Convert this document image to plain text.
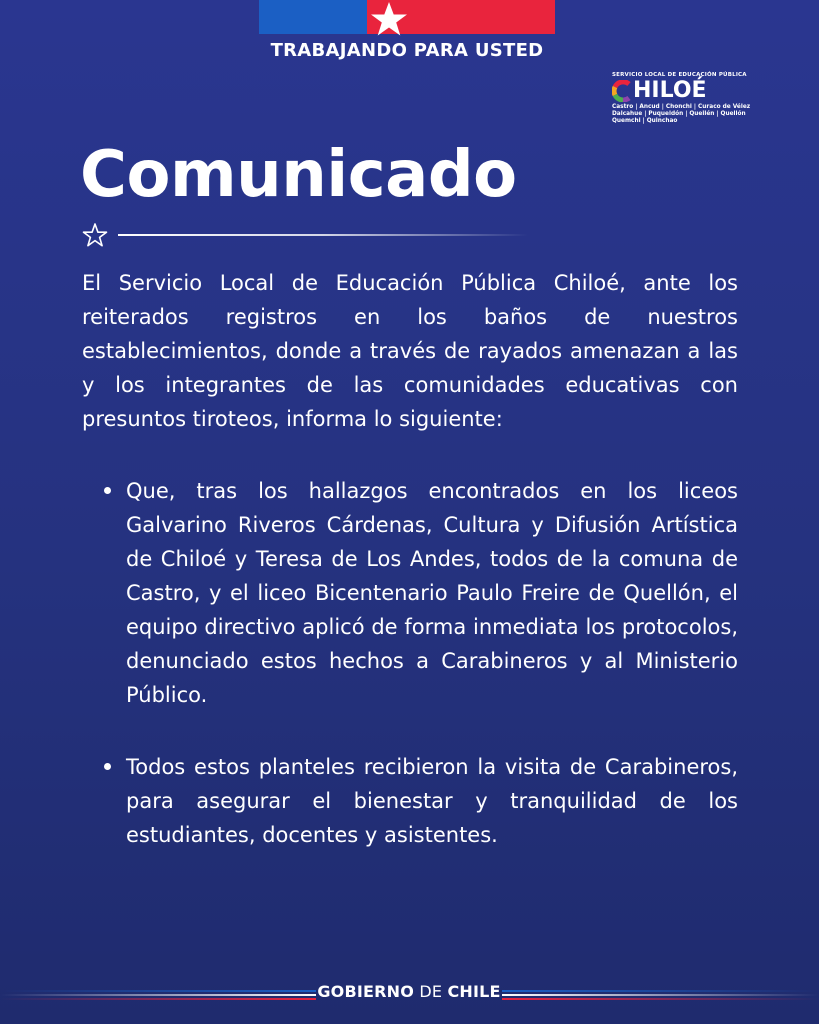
TRABAJANDO PARA USTED
SERVICIO LOCAL DE EDUCACIÓN PÚBLICA
HILOÉ
Castro | Ancud | Chonchi | Curaco de Vélez Dalcahue | Puqueldón | Queilén | Quellón Quemchi | Quinchao
Comunicado

El Servicio Local de Educación Pública Chiloé, ante los reiterados registros en los baños de nuestros establecimientos, donde a través de rayados amenazan a las y los integrantes de las comunidades educativas con presuntos tiroteos, informa lo siguiente:

Que, tras los hallazgos encontrados en los liceos Galvarino Riveros Cárdenas, Cultura y Difusión Artística de Chiloé y Teresa de Los Andes, todos de la comuna de Castro, y el liceo Bicentenario Paulo Freire de Quellón, el equipo directivo aplicó de forma inmediata los protocolos, denunciado estos hechos a Carabineros y al Ministerio Público.
Todos estos planteles recibieron la visita de Carabineros, para asegurar el bienestar y tranquilidad de los estudiantes, docentes y asistentes.
GOBIERNO DE CHILE
